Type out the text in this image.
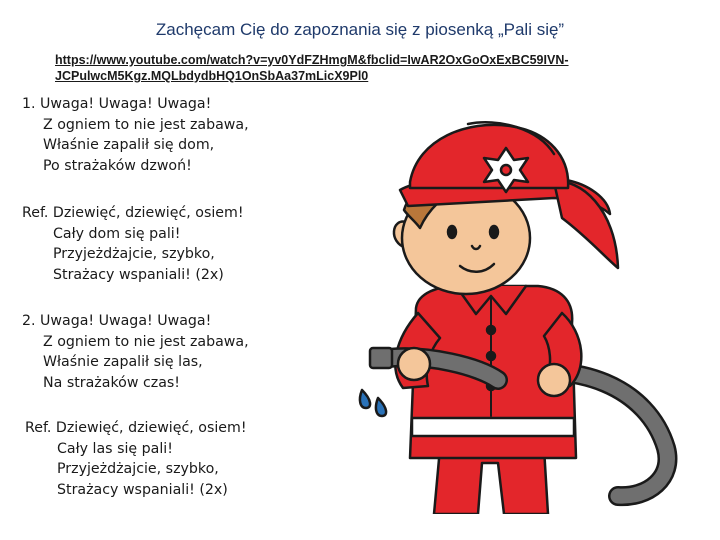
Zachęcam Cię do zapoznania się z piosenką „Pali się”
https://www.youtube.com/watch?v=yv0YdFZHmgM&fbclid=IwAR2OxGoOxExBC59IVN-JCPulwcM5Kgz.MQLbdydbHQ1OnSbAa37mLicX9Pl0
1. Uwaga! Uwaga! Uwaga!
Z ogniem to nie jest zabawa,
Właśnie zapalił się dom,
Po strażaków dzwoń!
Ref. Dziewięć, dziewięć, osiem!
Cały dom się pali!
Przyjeżdżajcie, szybko,
Strażacy wspaniali! (2x)
2. Uwaga! Uwaga! Uwaga!
Z ogniem to nie jest zabawa,
Właśnie zapalił się las,
Na strażaków czas!
Ref. Dziewięć, dziewięć, osiem!
Cały las się pali!
Przyjeżdżajcie, szybko,
Strażacy wspaniali! (2x)
